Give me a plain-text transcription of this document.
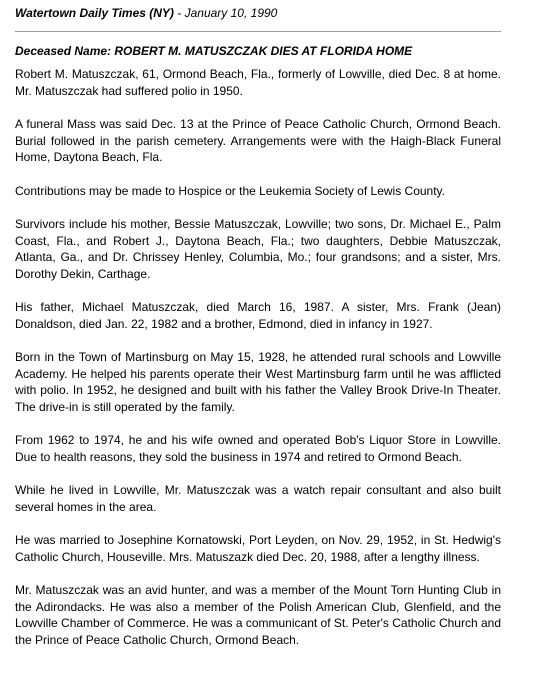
Watertown Daily Times (NY) - January 10, 1990
Deceased Name: ROBERT M. MATUSZCZAK DIES AT FLORIDA HOME

Robert M. Matuszczak, 61, Ormond Beach, Fla., formerly of Lowville, died Dec. 8 at home. Mr. Matuszczak had suffered polio in 1950.

A funeral Mass was said Dec. 13 at the Prince of Peace Catholic Church, Ormond Beach. Burial followed in the parish cemetery. Arrangements were with the Haigh-Black Funeral Home, Daytona Beach, Fla.

Contributions may be made to Hospice or the Leukemia Society of Lewis County.

Survivors include his mother, Bessie Matuszczak, Lowville; two sons, Dr. Michael E., Palm Coast, Fla., and Robert J., Daytona Beach, Fla.; two daughters, Debbie Matuszczak, Atlanta, Ga., and Dr. Chrissey Henley, Columbia, Mo.; four grandsons; and a sister, Mrs. Dorothy Dekin, Carthage.

His father, Michael Matuszczak, died March 16, 1987. A sister, Mrs. Frank (Jean) Donaldson, died Jan. 22, 1982 and a brother, Edmond, died in infancy in 1927.

Born in the Town of Martinsburg on May 15, 1928, he attended rural schools and Lowville Academy. He helped his parents operate their West Martinsburg farm until he was afflicted with polio. In 1952, he designed and built with his father the Valley Brook Drive-In Theater. The drive-in is still operated by the family.

From 1962 to 1974, he and his wife owned and operated Bob's Liquor Store in Lowville. Due to health reasons, they sold the business in 1974 and retired to Ormond Beach.

While he lived in Lowville, Mr. Matuszczak was a watch repair consultant and also built several homes in the area.

He was married to Josephine Kornatowski, Port Leyden, on Nov. 29, 1952, in St. Hedwig's Catholic Church, Houseville. Mrs. Matuszazk died Dec. 20, 1988, after a lengthy illness.

Mr. Matuszczak was an avid hunter, and was a member of the Mount Torn Hunting Club in the Adirondacks. He was also a member of the Polish American Club, Glenfield, and the Lowville Chamber of Commerce. He was a communicant of St. Peter's Catholic Church and the Prince of Peace Catholic Church, Ormond Beach.
